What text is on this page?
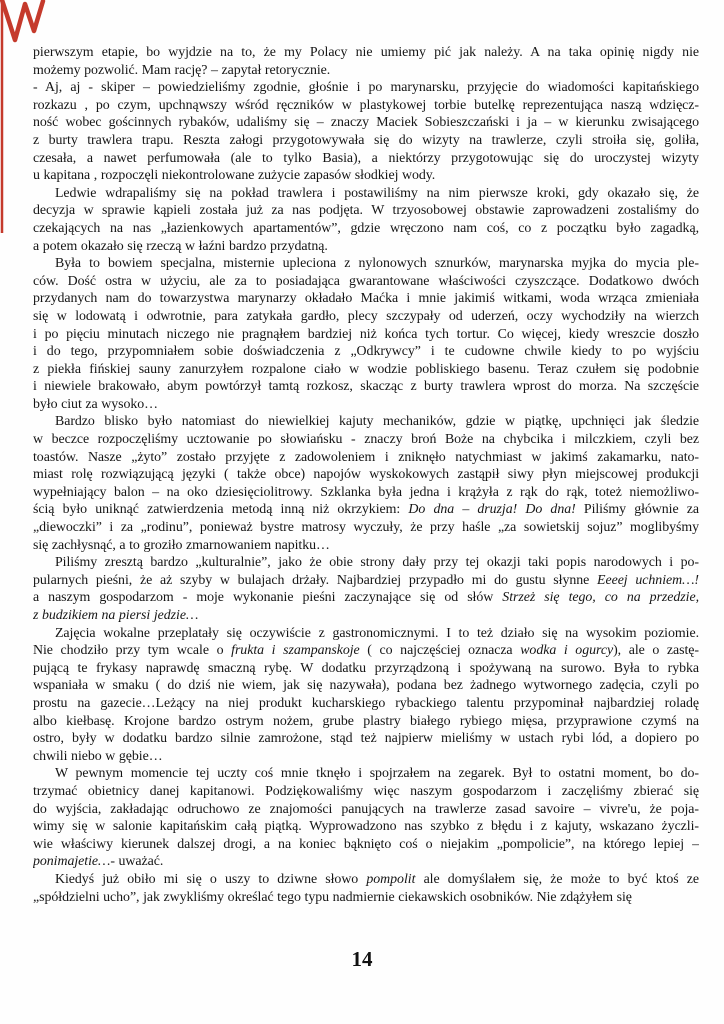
pierwszym etapie, bo wyjdzie na to, że my Polacy nie umiemy pić jak należy. A na taka opinię nigdy nie
możemy pozwolić. Mam rację? – zapytał retorycznie.
- Aj, aj - skiper – powiedzieliśmy zgodnie, głośnie i po marynarsku, przyjęcie do wiadomości kapitańskiego
rozkazu , po czym, upchnąwszy wśród ręczników w plastykowej torbie butelkę reprezentująca naszą wdzięcz-
ność wobec gościnnych rybaków, udaliśmy się – znaczy Maciek Sobieszczański i ja – w kierunku zwisającego
z burty trawlera trapu. Reszta załogi przygotowywała się do wizyty na trawlerze, czyli stroiła się, goliła,
czesała, a nawet perfumowała (ale to tylko Basia), a niektórzy przygotowując się do uroczystej wizyty
u kapitana , rozpoczęli niekontrolowane zużycie zapasów słodkiej wody.
Ledwie wdrapaliśmy się na pokład trawlera i postawiliśmy na nim pierwsze kroki, gdy okazało się, że
decyzja w sprawie kąpieli została już za nas podjęta. W trzyosobowej obstawie zaprowadzeni zostaliśmy do
czekających na nas „łazienkowych apartamentów”, gdzie wręczono nam coś, co z początku było zagadką,
a potem okazało się rzeczą w łaźni bardzo przydatną.
Była to bowiem specjalna, misternie upleciona z nylonowych sznurków, marynarska myjka do mycia ple-
ców. Dość ostra w użyciu, ale za to posiadająca gwarantowane właściwości czyszczące. Dodatkowo dwóch
przydanych nam do towarzystwa marynarzy okładało Maćka i mnie jakimiś witkami, woda wrząca zmieniała
się w lodowatą i odwrotnie, para zatykała gardło, plecy szczypały od uderzeń, oczy wychodziły na wierzch
i po pięciu minutach niczego nie pragnąłem bardziej niż końca tych tortur. Co więcej, kiedy wreszcie doszło
i do tego, przypomniałem sobie doświadczenia z „Odkrywcy” i te cudowne chwile kiedy to po wyjściu
z piekła fińskiej sauny zanurzyłem rozpalone ciało w wodzie pobliskiego basenu. Teraz czułem się podobnie
i niewiele brakowało, abym powtórzył tamtą rozkosz, skacząc z burty trawlera wprost do morza. Na szczęście
było ciut za wysoko…
Bardzo blisko było natomiast do niewielkiej kajuty mechaników, gdzie w piątkę, upchnięci jak śledzie
w beczce rozpoczęliśmy ucztowanie po słowiańsku - znaczy broń Boże na chybcika i milczkiem, czyli bez
toastów. Nasze „żyto” zostało przyjęte z zadowoleniem i zniknęło natychmiast w jakimś zakamarku, nato-
miast rolę rozwiązującą języki ( także obce) napojów wyskokowych zastąpił siwy płyn miejscowej produkcji
wypełniający balon – na oko dziesięciolitrowy. Szklanka była jedna i krążyła z rąk do rąk, toteż niemożliwo-
ścią było uniknąć zatwierdzenia metodą inną niż okrzykiem: Do dna – druzja! Do dna! Piliśmy głównie za
„diewoczki” i za „rodinu”, ponieważ bystre matrosy wyczuły, że przy haśle „za sowietskij sojuz” moglibyśmy
się zachłysnąć, a to groziło zmarnowaniem napitku…
Piliśmy zresztą bardzo „kulturalnie”, jako że obie strony dały przy tej okazji taki popis narodowych i po-
pularnych pieśni, że aż szyby w bulajach drżały. Najbardziej przypadło mi do gustu słynne Eeeej uchniem…!
a naszym gospodarzom - moje wykonanie pieśni zaczynające się od słów Strzeż się tego, co na przedzie,
z budzikiem na piersi jedzie…
Zajęcia wokalne przeplatały się oczywiście z gastronomicznymi. I to też działo się na wysokim poziomie.
Nie chodziło przy tym wcale o frukta i szampanskoje ( co najczęściej oznacza wodka i ogurcy), ale o zastę-
pującą te frykasy naprawdę smaczną rybę. W dodatku przyrządzoną i spożywaną na surowo. Była to rybka
wspaniała w smaku ( do dziś nie wiem, jak się nazywała), podana bez żadnego wytwornego zadęcia, czyli po
prostu na gazecie…Leżący na niej produkt kucharskiego rybackiego talentu przypominał najbardziej roladę
albo kiełbasę. Krojone bardzo ostrym nożem, grube plastry białego rybiego mięsa, przyprawione czymś na
ostro, były w dodatku bardzo silnie zamrożone, stąd też najpierw mieliśmy w ustach rybi lód, a dopiero po
chwili niebo w gębie…
W pewnym momencie tej uczty coś mnie tknęło i spojrzałem na zegarek. Był to ostatni moment, bo do-
trzymać obietnicy danej kapitanowi. Podziękowaliśmy więc naszym gospodarzom i zaczęliśmy zbierać się
do wyjścia, zakładając odruchowo ze znajomości panujących na trawlerze zasad savoire – vivre'u, że poja-
wimy się w salonie kapitańskim całą piątką. Wyprowadzono nas szybko z błędu i z kajuty, wskazano życzli-
wie właściwy kierunek dalszej drogi, a na koniec bąknięto coś o niejakim „pompolicie”, na którego lepiej –
ponimajetie…- uważać.
Kiedyś już obiło mi się o uszy to dziwne słowo pompolit ale domyślałem się, że może to być ktoś ze
„spółdzielni ucho”, jak zwykliśmy określać tego typu nadmiernie ciekawskich osobników. Nie zdążyłem się
14
